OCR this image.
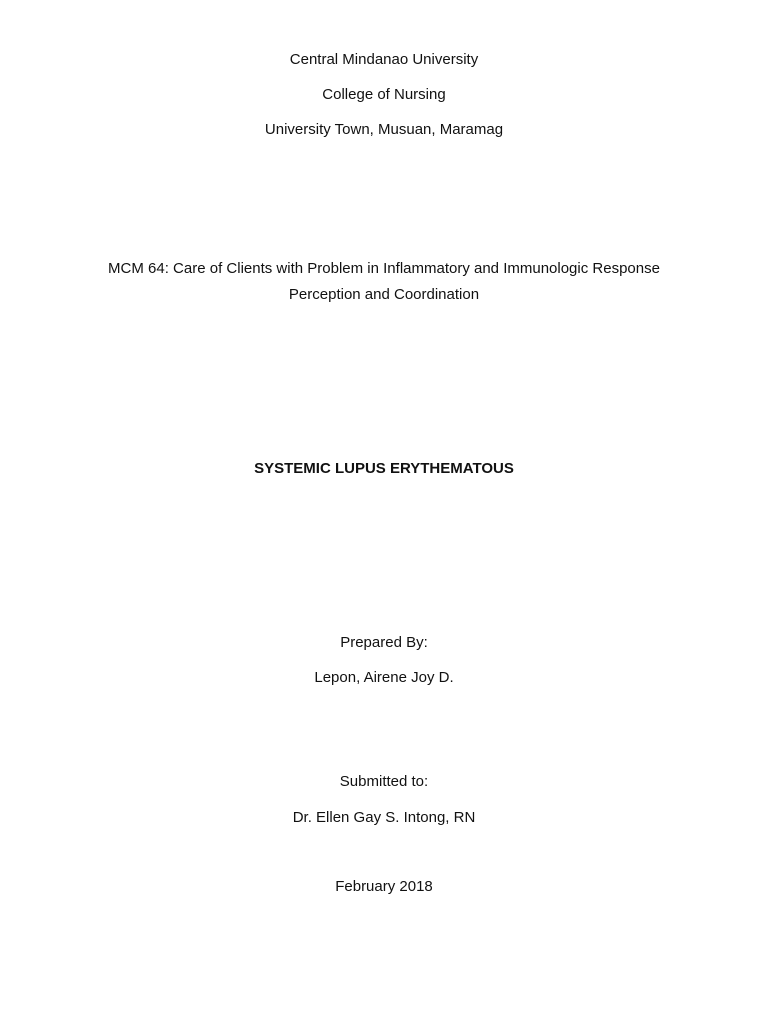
Central Mindanao University
College of Nursing
University Town, Musuan, Maramag
MCM 64: Care of Clients with Problem in Inflammatory and Immunologic Response
Perception and Coordination
SYSTEMIC LUPUS ERYTHEMATOUS
Prepared By:
Lepon, Airene Joy D.
Submitted to:
Dr. Ellen Gay S. Intong, RN
February 2018
